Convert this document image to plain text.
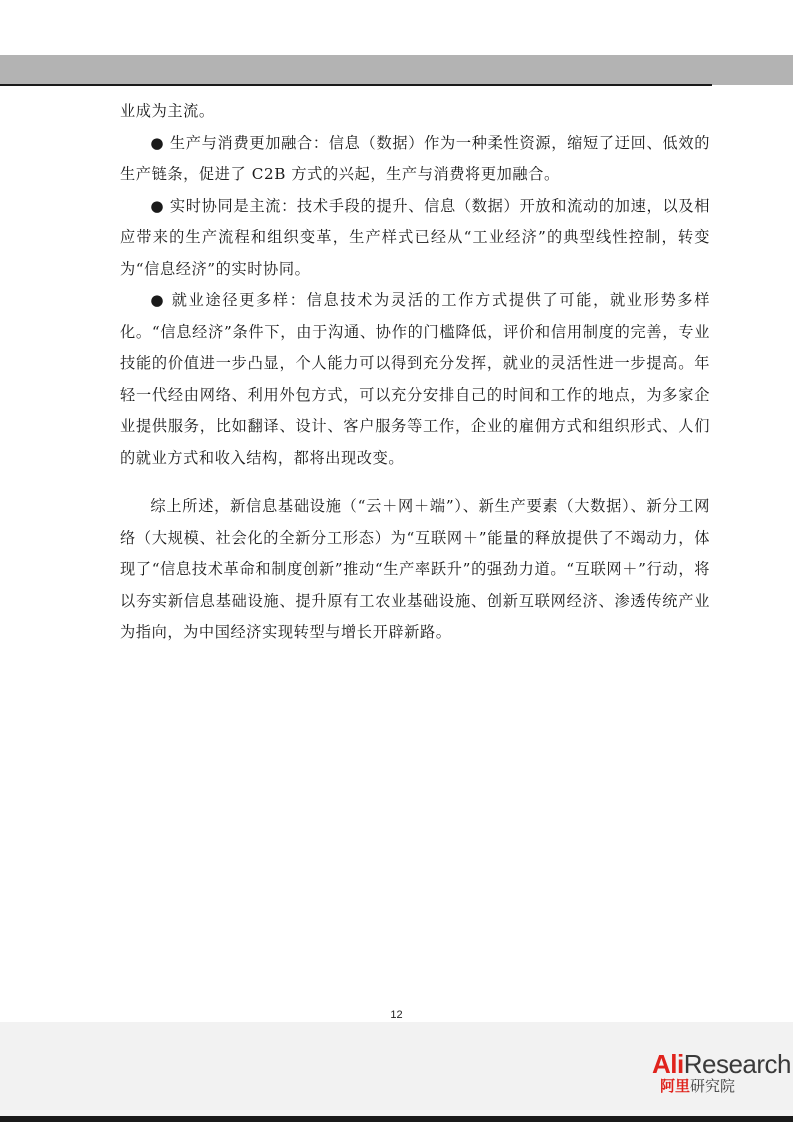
业成为主流。

● 生产与消费更加融合：信息（数据）作为一种柔性资源，缩短了迂回、低效的生产链条，促进了 C2B 方式的兴起，生产与消费将更加融合。

● 实时协同是主流：技术手段的提升、信息（数据）开放和流动的加速，以及相应带来的生产流程和组织变革，生产样式已经从“工业经济”的典型线性控制，转变为“信息经济”的实时协同。

● 就业途径更多样：信息技术为灵活的工作方式提供了可能，就业形势多样化。“信息经济”条件下，由于沟通、协作的门槛降低，评价和信用制度的完善，专业技能的价值进一步凸显，个人能力可以得到充分发挥，就业的灵活性进一步提高。年轻一代经由网络、利用外包方式，可以充分安排自己的时间和工作的地点，为多家企业提供服务，比如翻译、设计、客户服务等工作，企业的雇佣方式和组织形式、人们的就业方式和收入结构，都将出现改变。

综上所述，新信息基础设施（“云＋网＋端”）、新生产要素（大数据）、新分工网络（大规模、社会化的全新分工形态）为“互联网＋”能量的释放提供了不竭动力，体现了“信息技术革命和制度创新”推动“生产率跃升”的强劲力道。“互联网＋”行动，将以夯实新信息基础设施、提升原有工农业基础设施、创新互联网经济、渗透传统产业为指向，为中国经济实现转型与增长开辟新路。

12
AliResearch
阿里研究院
